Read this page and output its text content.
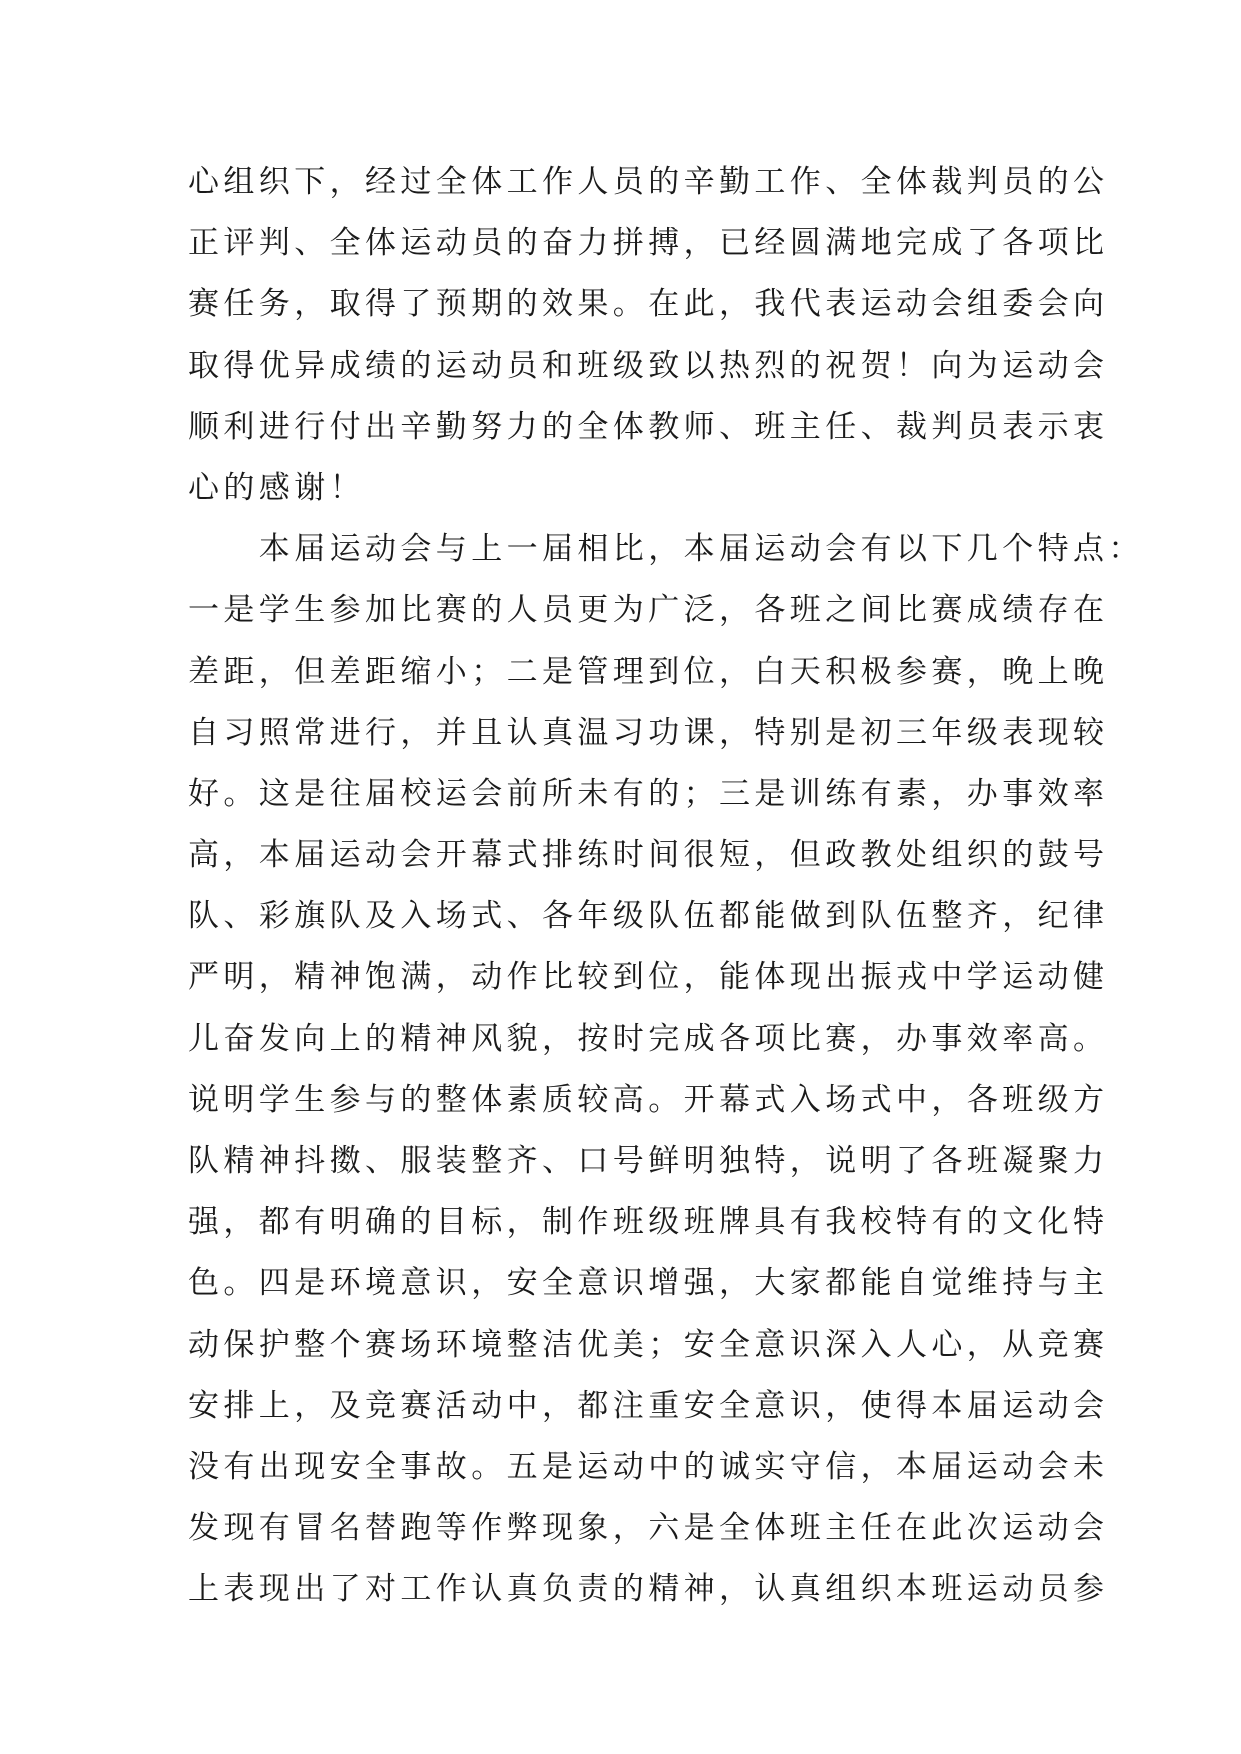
心组织下，经过全体工作人员的辛勤工作、全体裁判员的公
正评判、全体运动员的奋力拼搏，已经圆满地完成了各项比
赛任务，取得了预期的效果。在此，我代表运动会组委会向
取得优异成绩的运动员和班级致以热烈的祝贺！向为运动会
顺利进行付出辛勤努力的全体教师、班主任、裁判员表示衷
心的感谢！
　　本届运动会与上一届相比，本届运动会有以下几个特点：
一是学生参加比赛的人员更为广泛，各班之间比赛成绩存在
差距，但差距缩小；二是管理到位，白天积极参赛，晚上晚
自习照常进行，并且认真温习功课，特别是初三年级表现较
好。这是往届校运会前所未有的；三是训练有素，办事效率
高，本届运动会开幕式排练时间很短，但政教处组织的鼓号
队、彩旗队及入场式、各年级队伍都能做到队伍整齐，纪律
严明，精神饱满，动作比较到位，能体现出振戎中学运动健
儿奋发向上的精神风貌，按时完成各项比赛，办事效率高。
说明学生参与的整体素质较高。开幕式入场式中，各班级方
队精神抖擞、服装整齐、口号鲜明独特，说明了各班凝聚力
强，都有明确的目标，制作班级班牌具有我校特有的文化特
色。四是环境意识，安全意识增强，大家都能自觉维持与主
动保护整个赛场环境整洁优美；安全意识深入人心，从竞赛
安排上，及竞赛活动中，都注重安全意识，使得本届运动会
没有出现安全事故。五是运动中的诚实守信，本届运动会未
发现有冒名替跑等作弊现象，六是全体班主任在此次运动会
上表现出了对工作认真负责的精神，认真组织本班运动员参
